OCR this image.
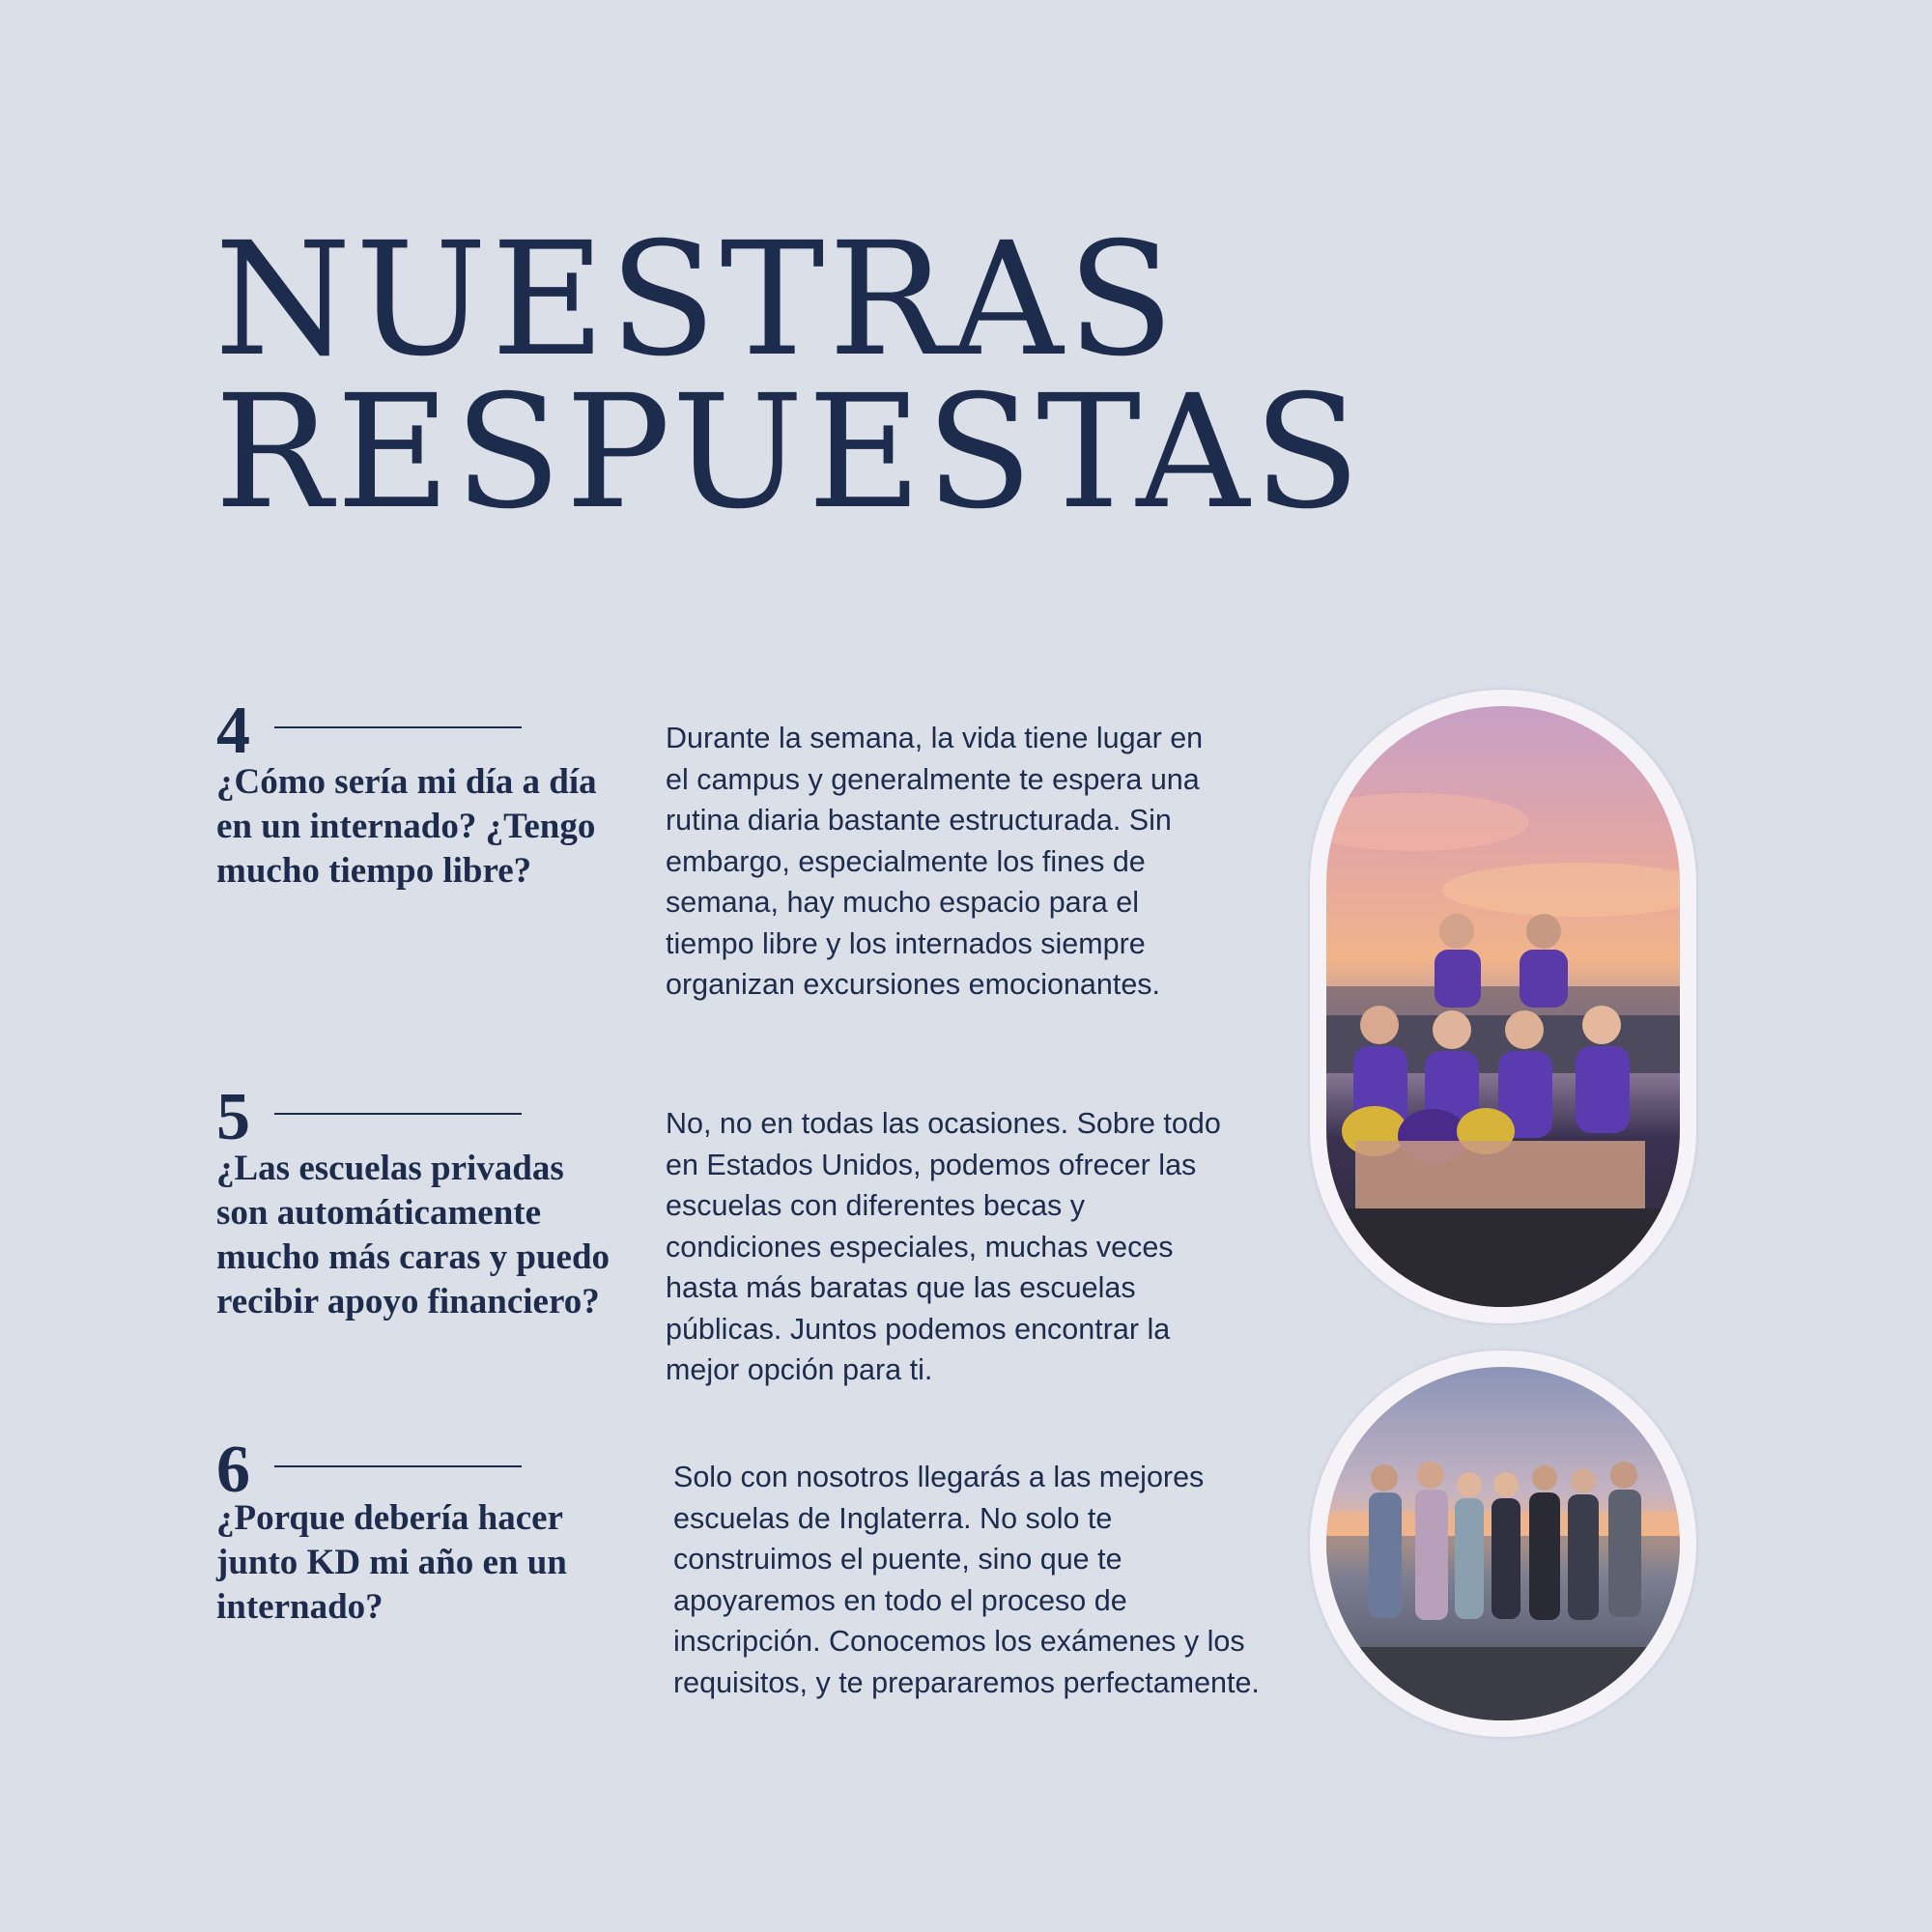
NUESTRAS
RESPUESTAS
4
¿Cómo sería mi día a día en un internado? ¿Tengo mucho tiempo libre?

Durante la semana, la vida tiene lugar en el campus y generalmente te espera una rutina diaria bastante estructurada. Sin embargo, especialmente los fines de semana, hay mucho espacio para el tiempo libre y los internados siempre organizan excursiones emocionantes.

5
¿Las escuelas privadas son automáticamente mucho más caras y puedo recibir apoyo financiero?

No, no en todas las ocasiones. Sobre todo en Estados Unidos, podemos ofrecer las escuelas con diferentes becas y condiciones especiales, muchas veces hasta más baratas que las escuelas públicas. Juntos podemos encontrar la mejor opción para ti.

6
¿Porque debería hacer junto KD mi año en un internado?

Solo con nosotros llegarás a las mejores escuelas de Inglaterra. No solo te construimos el puente, sino que te apoyaremos en todo el proceso de inscripción. Conocemos los exámenes y los requisitos, y te prepararemos perfectamente.
